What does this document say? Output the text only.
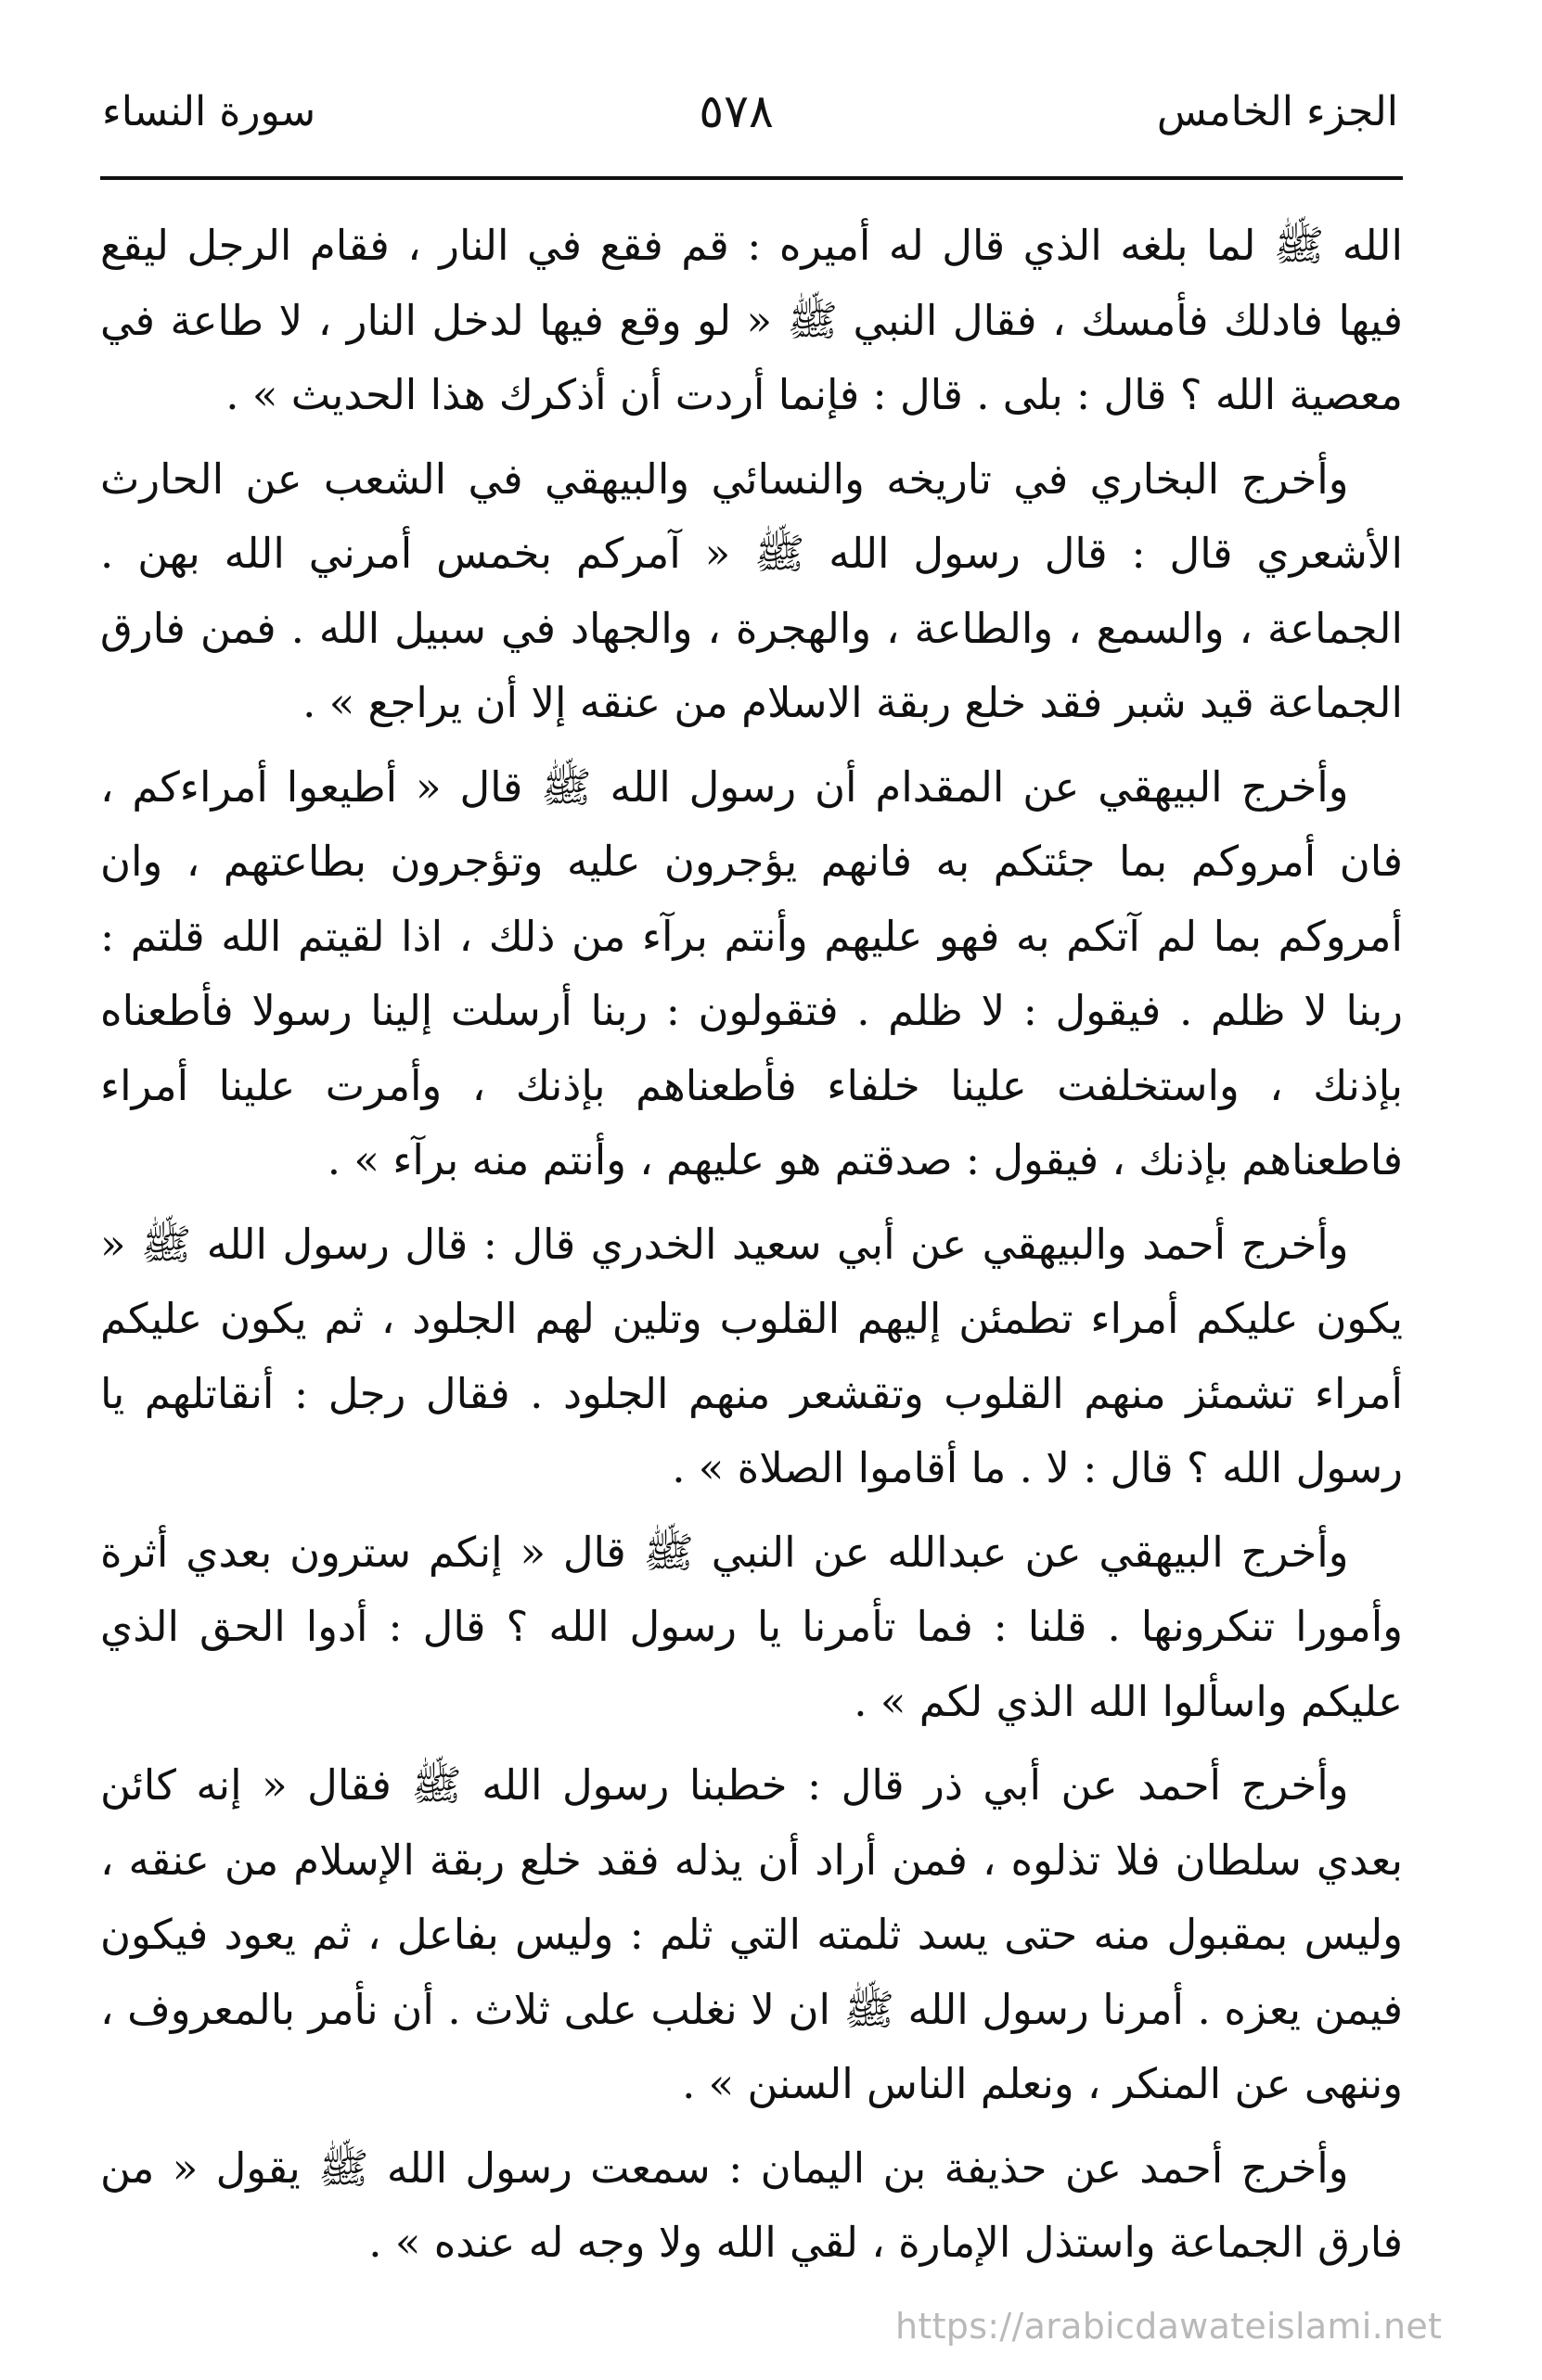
الجزء الخامس
٥٧٨
سورة النساء

الله ﷺ لما بلغه الذي قال له أميره : قم فقع في النار ، فقام الرجل ليقع فيها فادلك فأمسك ، فقال النبي ﷺ « لو وقع فيها لدخل النار ، لا طاعة في معصية الله ؟ قال : بلى . قال : فإنما أردت أن أذكرك هذا الحديث » .

وأخرج البخاري في تاريخه والنسائي والبيهقي في الشعب عن الحارث الأشعري قال : قال رسول الله ﷺ « آمركم بخمس أمرني الله بهن . الجماعة ، والسمع ، والطاعة ، والهجرة ، والجهاد في سبيل الله . فمن فارق الجماعة قيد شبر فقد خلع ربقة الاسلام من عنقه إلا أن يراجع » .

وأخرج البيهقي عن المقدام أن رسول الله ﷺ قال « أطيعوا أمراءكم ، فان أمروكم بما جئتكم به فانهم يؤجرون عليه وتؤجرون بطاعتهم ، وان أمروكم بما لم آتكم به فهو عليهم وأنتم برآء من ذلك ، اذا لقيتم الله قلتم : ربنا لا ظلم . فيقول : لا ظلم . فتقولون : ربنا أرسلت إلينا رسولا فأطعناه بإذنك ، واستخلفت علينا خلفاء فأطعناهم بإذنك ، وأمرت علينا أمراء فاطعناهم بإذنك ، فيقول : صدقتم هو عليهم ، وأنتم منه برآء » .

وأخرج أحمد والبيهقي عن أبي سعيد الخدري قال : قال رسول الله ﷺ « يكون عليكم أمراء تطمئن إليهم القلوب وتلين لهم الجلود ، ثم يكون عليكم أمراء تشمئز منهم القلوب وتقشعر منهم الجلود . فقال رجل : أنقاتلهم يا رسول الله ؟ قال : لا . ما أقاموا الصلاة » .

وأخرج البيهقي عن عبدالله عن النبي ﷺ قال « إنكم سترون بعدي أثرة وأمورا تنكرونها . قلنا : فما تأمرنا يا رسول الله ؟ قال : أدوا الحق الذي عليكم واسألوا الله الذي لكم » .

وأخرج أحمد عن أبي ذر قال : خطبنا رسول الله ﷺ فقال « إنه كائن بعدي سلطان فلا تذلوه ، فمن أراد أن يذله فقد خلع ربقة الإسلام من عنقه ، وليس بمقبول منه حتى يسد ثلمته التي ثلم : وليس بفاعل ، ثم يعود فيكون فيمن يعزه . أمرنا رسول الله ﷺ ان لا نغلب على ثلاث . أن نأمر بالمعروف ، وننهى عن المنكر ، ونعلم الناس السنن » .

وأخرج أحمد عن حذيفة بن اليمان : سمعت رسول الله ﷺ يقول « من فارق الجماعة واستذل الإمارة ، لقي الله ولا وجه له عنده » .

https://arabicdawateislami.net
